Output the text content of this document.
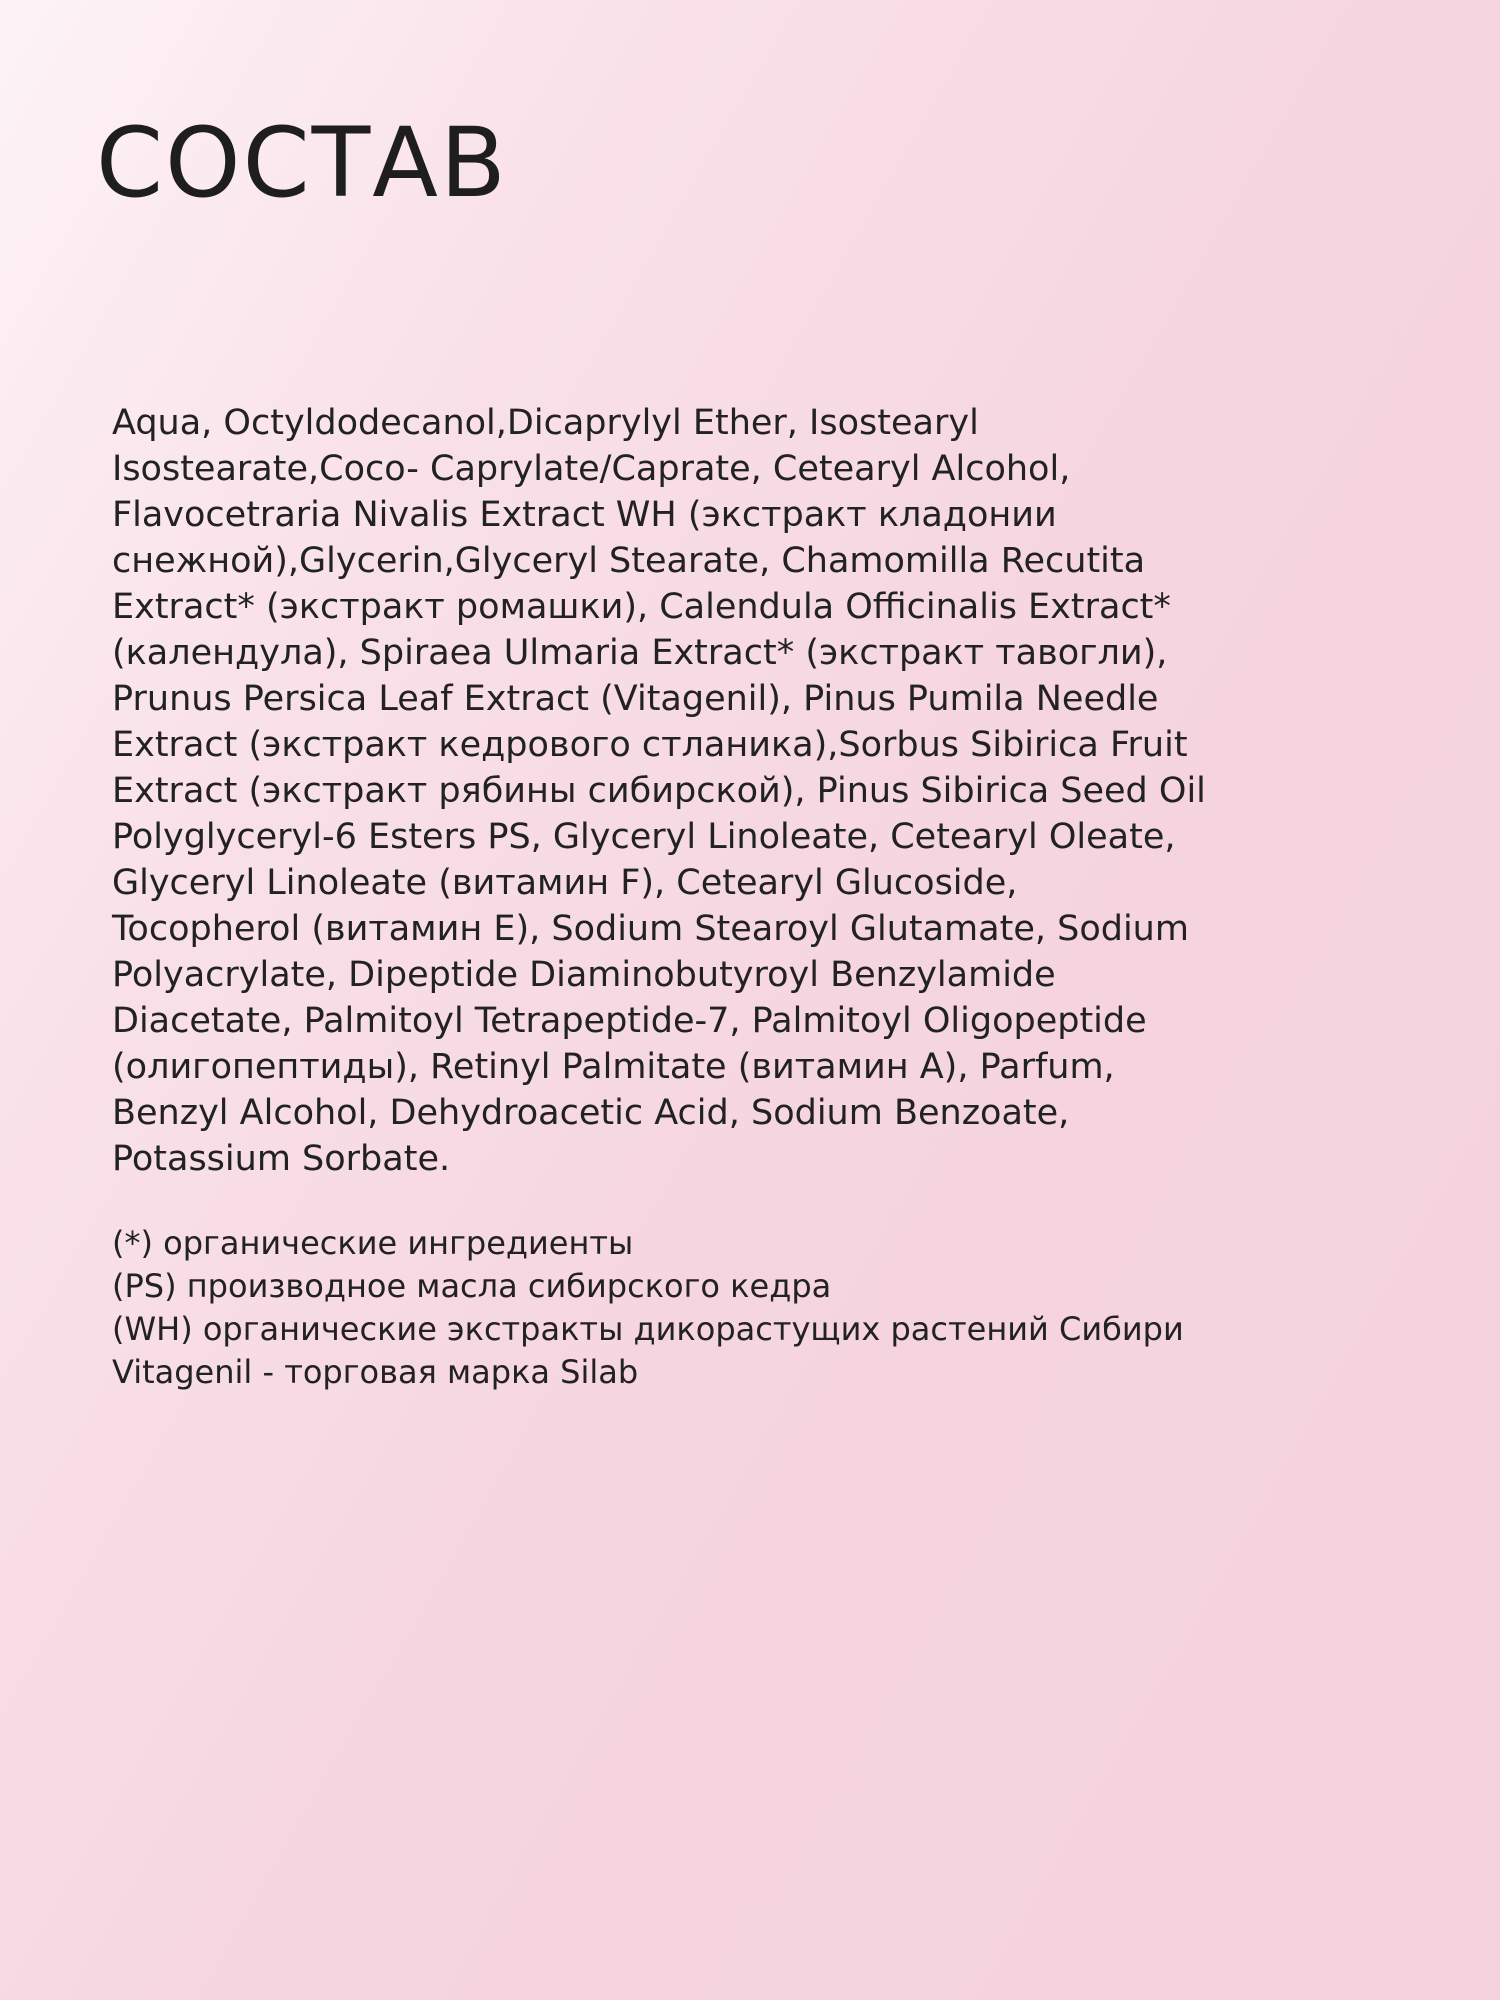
СОСТАВ
Aqua, Octyldodecanol,Dicaprylyl Ether, Isostearyl
Isostearate,Coco- Caprylate/Caprate, Cetearyl Alcohol,
Flavocetraria Nivalis Extract WH (экстракт кладонии
снежной),Glycerin,Glyceryl Stearate, Chamomilla Recutita
Extract* (экстракт ромашки), Calendula Officinalis Extract*
(календула), Spiraea Ulmaria Extract* (экстракт тавогли),
Prunus Persica Leaf Extract (Vitagenil), Pinus Pumila Needle
Extract (экстракт кедрового стланика),Sorbus Sibirica Fruit
Extract (экстракт рябины сибирской), Pinus Sibirica Seed Oil
Polyglyceryl-6 Esters PS, Glyceryl Linoleate, Cetearyl Oleate,
Glyceryl Linoleate (витамин F), Cetearyl Glucoside,
Tocopherol (витамин E), Sodium Stearoyl Glutamate, Sodium
Polyacrylate, Dipeptide Diaminobutyroyl Benzylamide
Diacetate, Palmitoyl Tetrapeptide-7, Palmitoyl Oligopeptide
(олигопептиды), Retinyl Palmitate (витамин A), Parfum,
Benzyl Alcohol, Dehydroacetic Acid, Sodium Benzoate,
Potassium Sorbate.
(*) органические ингредиенты
(PS) производное масла сибирского кедра
(WH) органические экстракты дикорастущих растений Сибири
Vitagenil - торговая марка Silab
